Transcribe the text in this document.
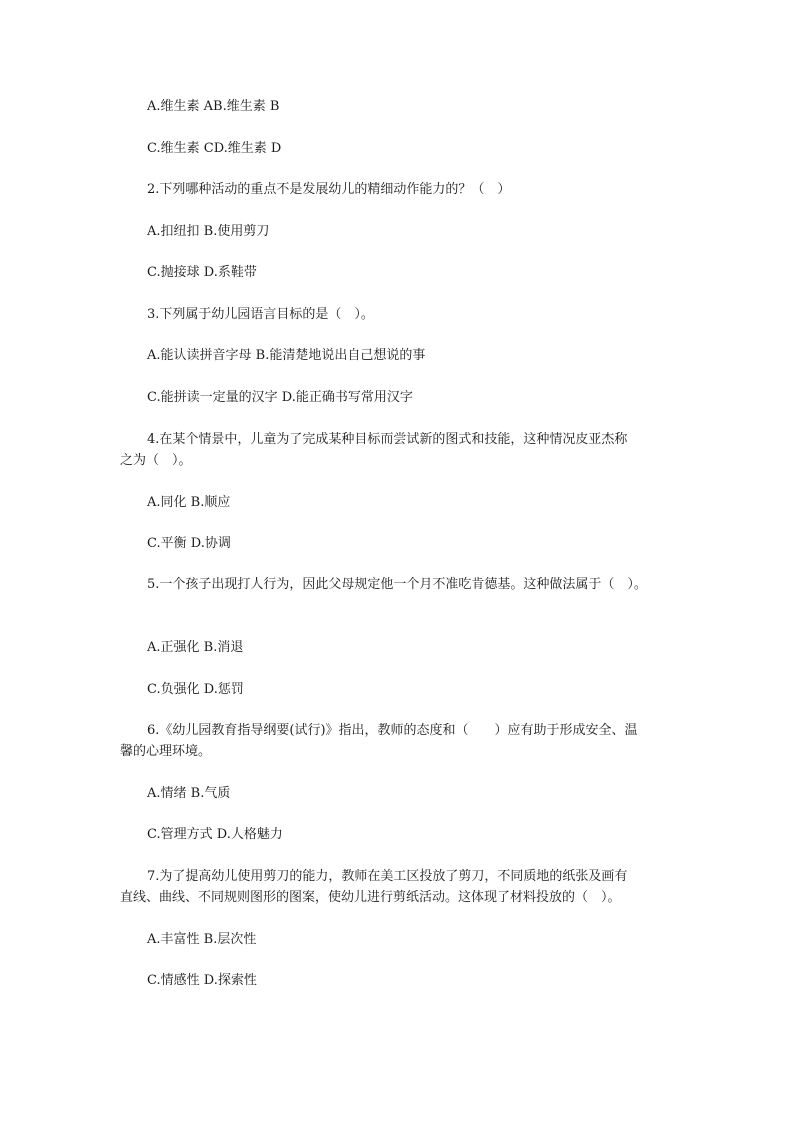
A.维生素 AB.维生素 B
C.维生素 CD.维生素 D
2.下列哪种活动的重点不是发展幼儿的精细动作能力的？（　）
A.扣纽扣 B.使用剪刀
C.抛接球 D.系鞋带
3.下列属于幼儿园语言目标的是（　）。
A.能认读拼音字母 B.能清楚地说出自己想说的事
C.能拼读一定量的汉字 D.能正确书写常用汉字
4.在某个情景中，儿童为了完成某种目标而尝试新的图式和技能，这种情况皮亚杰称
之为（　）。
A.同化 B.顺应
C.平衡 D.协调
5.一个孩子出现打人行为，因此父母规定他一个月不准吃肯德基。这种做法属于（　）。
A.正强化 B.消退
C.负强化 D.惩罚
6.《幼儿园教育指导纲要(试行)》指出，教师的态度和（　　）应有助于形成安全、温
馨的心理环境。
A.情绪 B.气质
C.管理方式 D.人格魅力
7.为了提高幼儿使用剪刀的能力，教师在美工区投放了剪刀，不同质地的纸张及画有
直线、曲线、不同规则图形的图案，使幼儿进行剪纸活动。这体现了材料投放的（　）。
A.丰富性 B.层次性
C.情感性 D.探索性
